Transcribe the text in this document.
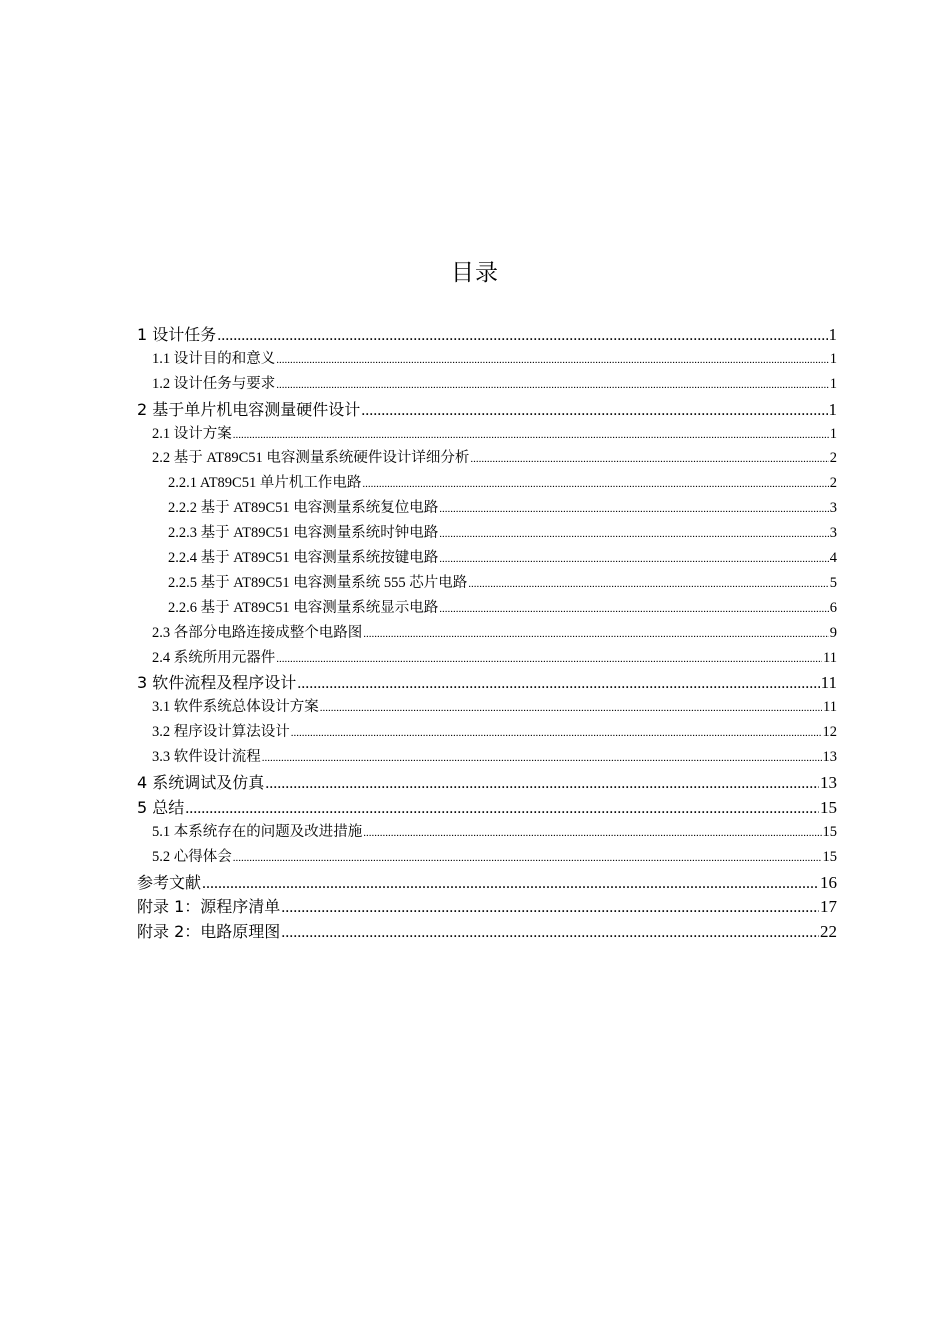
目录
1 设计任务 .....	1
1.1 设计目的和意义 .....	1
1.2 设计任务与要求 .....	1
2 基于单片机电容测量硬件设计 .....	1
2.1 设计方案 .....	1
2.2 基于 AT89C51 电容测量系统硬件设计详细分析 .....	2
2.2.1 AT89C51 单片机工作电路 .....	2
2.2.2 基于 AT89C51 电容测量系统复位电路 .....	3
2.2.3 基于 AT89C51 电容测量系统时钟电路 .....	3
2.2.4 基于 AT89C51 电容测量系统按键电路 .....	4
2.2.5 基于 AT89C51 电容测量系统 555 芯片电路 .....	5
2.2.6 基于 AT89C51 电容测量系统显示电路 .....	6
2.3 各部分电路连接成整个电路图 .....	9
2.4 系统所用元器件 .....	11
3 软件流程及程序设计 .....	11
3.1 软件系统总体设计方案 .....	11
3.2 程序设计算法设计 .....	12
3.3 软件设计流程 .....	13
4 系统调试及仿真 .....	13
5 总结 .....	15
5.1 本系统存在的问题及改进措施 .....	15
5.2 心得体会 .....	15
参考文献 .....	16
附录 1：源程序清单 .....	17
附录 2：电路原理图 .....	22
